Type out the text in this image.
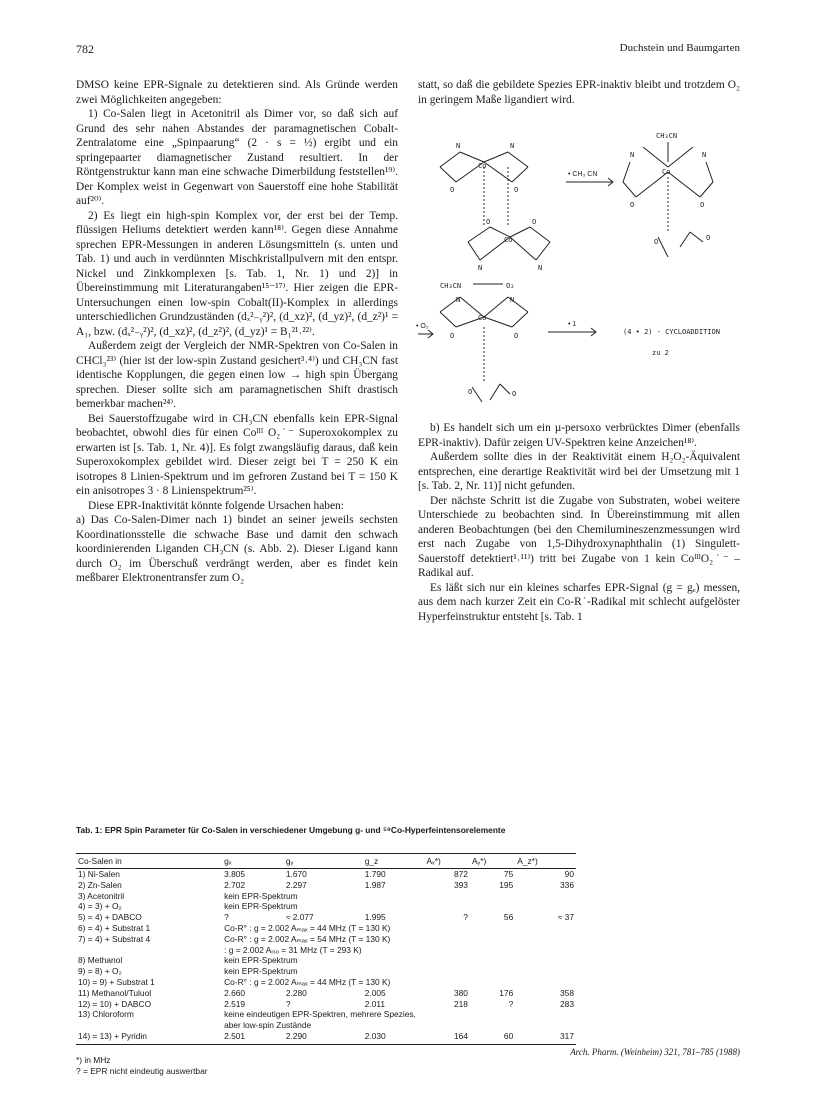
782	Duchstein und Baumgarten

DMSO keine EPR-Signale zu detektieren sind. Als Gründe werden zwei Möglichkeiten angegeben:

1) Co-Salen liegt in Acetonitril als Dimer vor, so daß sich auf Grund des sehr nahen Abstandes der paramagnetischen Cobalt-Zentralatome eine „Spinpaarung“ (2 · s = ½) ergibt und ein springepaarter diamagnetischer Zustand resultiert. In der Röntgenstruktur kann man eine schwache Dimerbildung feststellen¹⁹⁾. Der Komplex weist in Gegenwart von Sauerstoff eine hohe Stabilität auf²⁰⁾.

2) Es liegt ein high-spin Komplex vor, der erst bei der Temp. flüssigen Heliums detektiert werden kann¹⁸⁾. Gegen diese Annahme sprechen EPR-Messungen in anderen Lösungsmitteln (s. unten und Tab. 1) und auch in verdünnten Mischkristallpulvern mit den entspr. Nickel und Zinkkomplexen [s. Tab. 1, Nr. 1) und 2)] in Übereinstimmung mit Literaturangaben¹⁵⁻¹⁷⁾. Hier zeigen die EPR-Untersuchungen einen low-spin Cobalt(II)-Komplex in allerdings unterschiedlichen Grundzuständen (dₓ²₋ᵧ²)², (d_xz)², (d_yz)², (d_z²)¹ = A₁, bzw. (dₓ²₋ᵧ²)², (d_xz)², (d_z²)², (d_yz)¹ = B₁²¹˒²²⁾.

Außerdem zeigt der Vergleich der NMR-Spektren von Co-Salen in CHCl₃²³⁾ (hier ist der low-spin Zustand gesichert³˒⁴⁾) und CH₃CN fast identische Kopplungen, die gegen einen low → high spin Übergang sprechen. Dieser sollte sich am paramagnetischen Shift drastisch bemerkbar machen²⁴⁾.

Bei Sauerstoffzugabe wird in CH₃CN ebenfalls kein EPR-Signal beobachtet, obwohl dies für einen Coᴵᴵᴵ O₂˙⁻ Superoxokomplex zu erwarten ist [s. Tab. 1, Nr. 4)]. Es folgt zwangsläufig daraus, daß kein Superoxokomplex gebildet wird. Dieser zeigt bei T = 250 K ein isotropes 8 Linien-Spektrum und im gefroren Zustand bei T = 150 K ein anisotropes 3 · 8 Linienspektrum²⁵⁾.

Diese EPR-Inaktivität könnte folgende Ursachen haben:

a) Das Co-Salen-Dimer nach 1) bindet an seiner jeweils sechsten Koordinationsstelle die schwache Base und damit den schwach koordinierenden Liganden CH₃CN (s. Abb. 2). Dieser Ligand kann durch O₂ im Überschuß verdrängt werden, aber es findet kein meßbarer Elektronentransfer zum O₂

statt, so daß die gebildete Spezies EPR-inaktiv bleibt und trotzdem O₂ in geringem Maße ligandiert wird.

N	N
Co
O	O
O	O
Co
N	N
• CH₃ CN
CH₃CN
N	N
Co
O	O
O	O
CH₃CN	O₂
N	N
Co
O	O
O	O
• O₂	• 1
(4 • 2) - CYCLOADDITION
zu 2

b) Es handelt sich um ein µ-persoxo verbrücktes Dimer (ebenfalls EPR-inaktiv). Dafür zeigen UV-Spektren keine Anzeichen¹⁸⁾.

Außerdem sollte dies in der Reaktivität einem H₂O₂-Äquivalent entsprechen, eine derartige Reaktivität wird bei der Umsetzung mit 1 [s. Tab. 2, Nr. 11)] nicht gefunden.

Der nächste Schritt ist die Zugabe von Substraten, wobei weitere Unterschiede zu beobachten sind. In Übereinstimmung mit allen anderen Beobachtungen (bei den Chemilumineszenzmessungen wird erst nach Zugabe von 1,5-Dihydroxynaphthalin (1) Singulett-Sauerstoff detektiert¹˒¹¹⁾) tritt bei Zugabe von 1 kein CoᴵᴵᴵO₂˙⁻ – Radikal auf.

Es läßt sich nur ein kleines scharfes EPR-Signal (g = gₑ) messen, aus dem nach kurzer Zeit ein Co-R˙-Radikal mit schlecht aufgelöster Hyperfeinstruktur entsteht [s. Tab. 1

Tab. 1: EPR Spin Parameter für Co-Salen in verschiedener Umgebung g- und ⁵⁹Co-Hyperfeintensorelemente
Co-Salen in	gₓ	gᵧ	g_z	Aₓ*)	Aᵧ*)	A_z*)
1) Ni-Salen	3.805	1.670	1.790	872	75	90
2) Zn-Salen	2.702	2.297	1.987	393	195	336
3) Acetonitril	kein EPR-Spektrum					
4) = 3) + O₂	kein EPR-Spektrum					
5) = 4) + DABCO	?	≈ 2.077	1.995	?	56	≈ 37
6) = 4) + Substrat 1	Co-R° : g = 2.002 Aₘₐₓ = 44 MHz (T = 130 K)					
7) = 4) + Substrat 4	Co-R° : g = 2.002 Aₘₐₓ = 54 MHz (T = 130 K)					
	: g = 2.002 Aᵢₛₒ = 31 MHz (T = 293 K)					
8) Methanol	kein EPR-Spektrum					
9) = 8) + O₂	kein EPR-Spektrum					
10) = 9) + Substrat 1	Co-R° : g = 2.002 Aₘₐₓ = 44 MHz (T = 130 K)					
11) Methanol/Tuluol	2.660	2.280	2.005	380	176	358
12) = 10) + DABCO	2.519	?	2.011	218	?	283
13) Chloroform	keine eindeutigen EPR-Spektren, mehrere Spezies,					
	aber low-spin Zustände					
14) = 13) + Pyridin	2.501	2.290	2.030	164	60	317
*) in MHz
? = EPR nicht eindeutig auswertbar
Arch. Pharm. (Weinheim) 321, 781–785 (1988)
